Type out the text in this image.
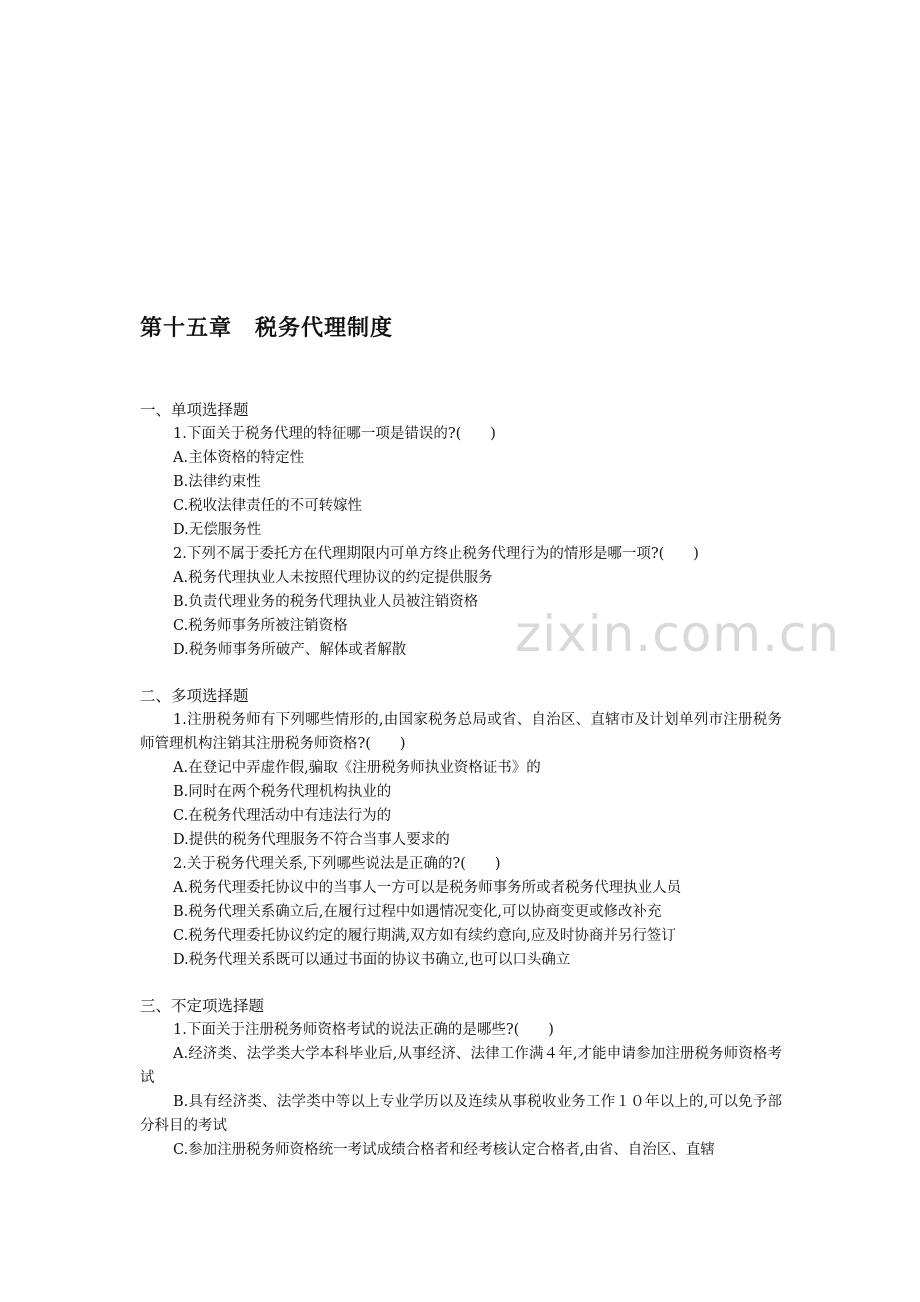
第十五章　税务代理制度
zixin.com.cn
一、单项选择题

1.下面关于税务代理的特征哪一项是错误的?(　　)

A.主体资格的特定性

B.法律约束性

C.税收法律责任的不可转嫁性

D.无偿服务性

2.下列不属于委托方在代理期限内可单方终止税务代理行为的情形是哪一项?(　　)

A.税务代理执业人未按照代理协议的约定提供服务

B.负责代理业务的税务代理执业人员被注销资格

C.税务师事务所被注销资格

D.税务师事务所破产、解体或者解散

二、多项选择题

1.注册税务师有下列哪些情形的,由国家税务总局或省、自治区、直辖市及计划单列市注册税务师管理机构注销其注册税务师资格?(　　)

A.在登记中弄虚作假,骗取《注册税务师执业资格证书》的

B.同时在两个税务代理机构执业的

C.在税务代理活动中有违法行为的

D.提供的税务代理服务不符合当事人要求的

2.关于税务代理关系,下列哪些说法是正确的?(　　)

A.税务代理委托协议中的当事人一方可以是税务师事务所或者税务代理执业人员

B.税务代理关系确立后,在履行过程中如遇情况变化,可以协商变更或修改补充

C.税务代理委托协议约定的履行期满,双方如有续约意向,应及时协商并另行签订

D.税务代理关系既可以通过书面的协议书确立,也可以口头确立

三、不定项选择题

1.下面关于注册税务师资格考试的说法正确的是哪些?(　　)

A.经济类、法学类大学本科毕业后,从事经济、法律工作满４年,才能申请参加注册税务师资格考试

B.具有经济类、法学类中等以上专业学历以及连续从事税收业务工作１０年以上的,可以免予部分科目的考试

C.参加注册税务师资格统一考试成绩合格者和经考核认定合格者,由省、自治区、直辖
